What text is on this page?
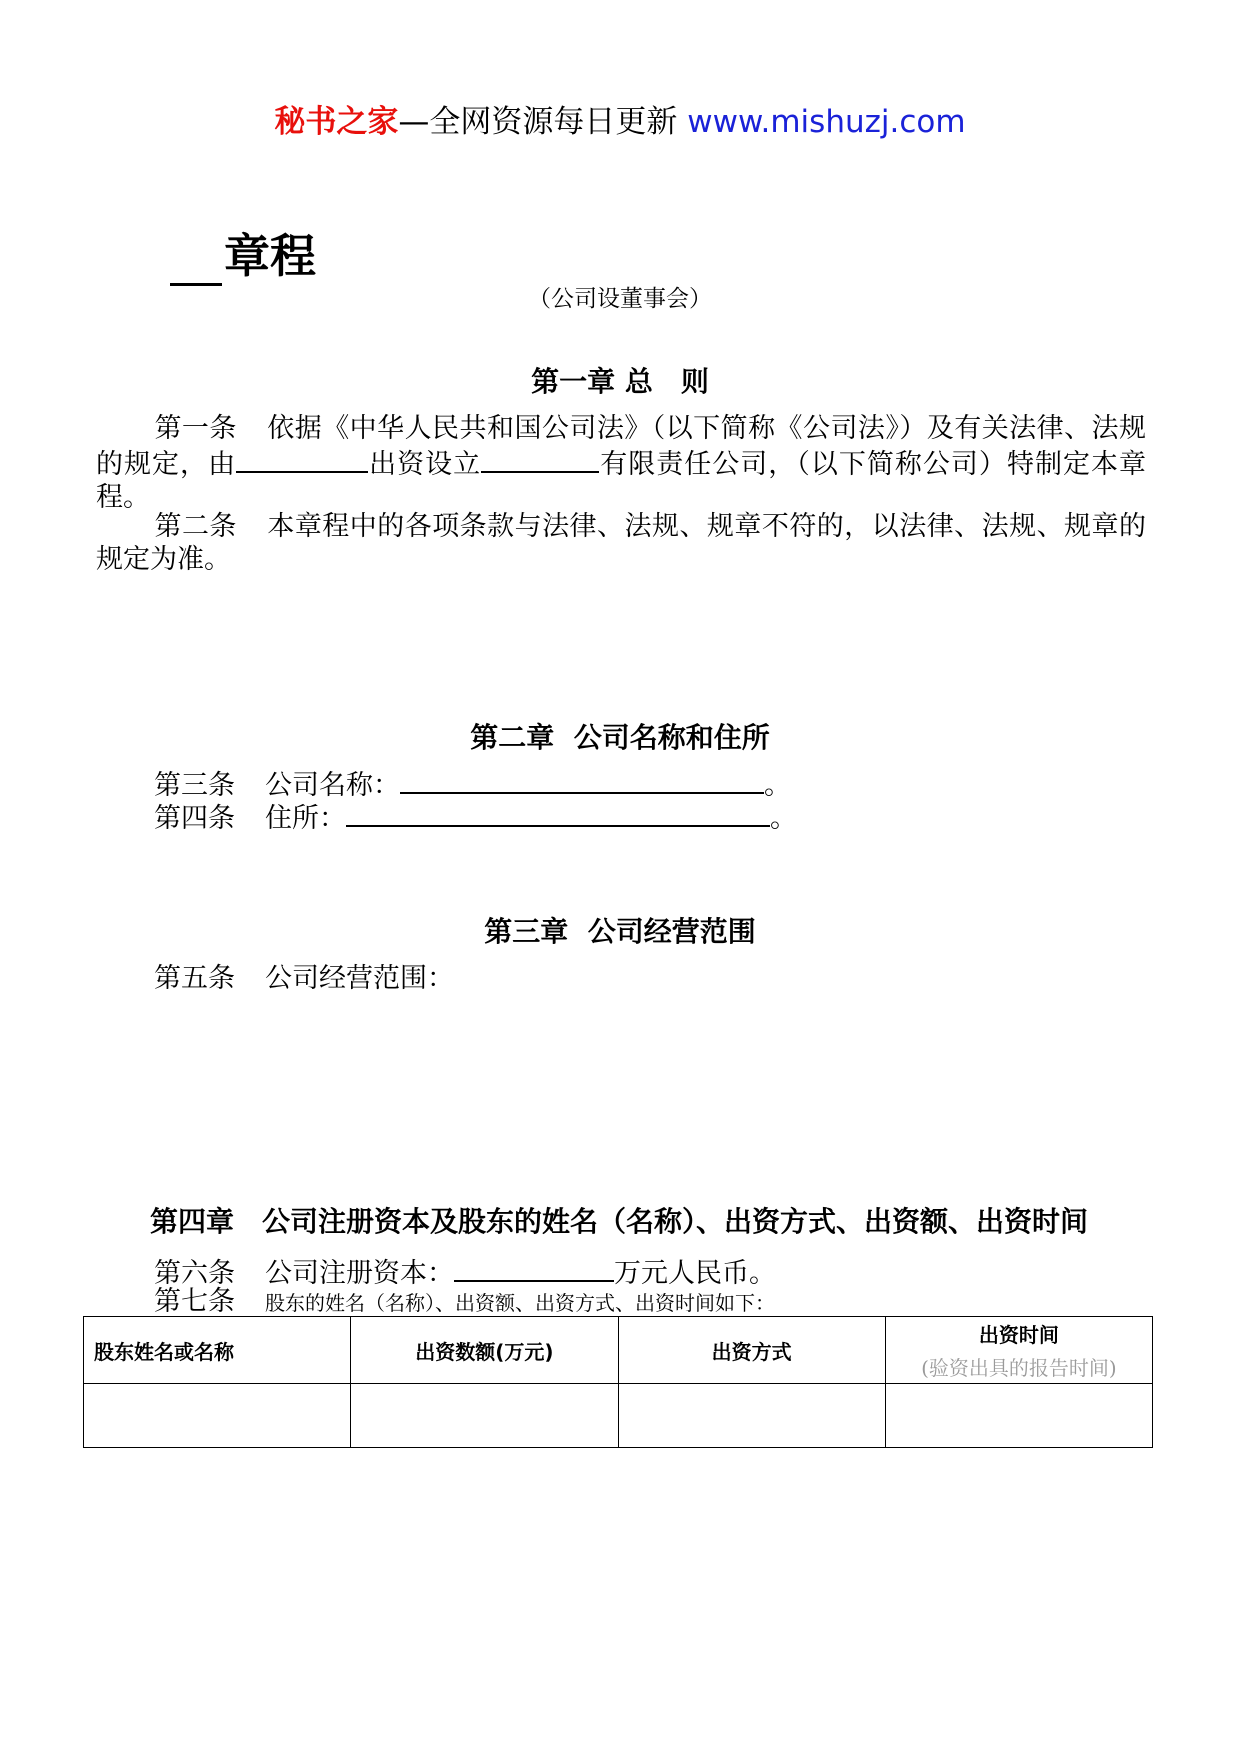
秘书之家—全网资源每日更新 www.mishuzj.com
章程
（公司设董事会）
第一章 总　则
第一条 依据《中华人民共和国公司法》（以下简称《公司法》）及有关法律、法规的规定，由	出资设立	有限责任公司，（以下简称公司）特制定本章程。
第二条 本章程中的各项条款与法律、法规、规章不符的，以法律、法规、规章的规定为准。
第二章  公司名称和住所
第三条 公司名称：	。
第四条 住所：	。
第三章  公司经营范围
第五条 公司经营范围：
第四章　公司注册资本及股东的姓名（名称）、出资方式、出资额、出资时间
第六条 公司注册资本：	万元人民币。
第七条 股东的姓名（名称）、出资额、出资方式、出资时间如下：
股东姓名或名称	出资数额(万元)	出资方式	出资时间
(验资出具的报告时间)
